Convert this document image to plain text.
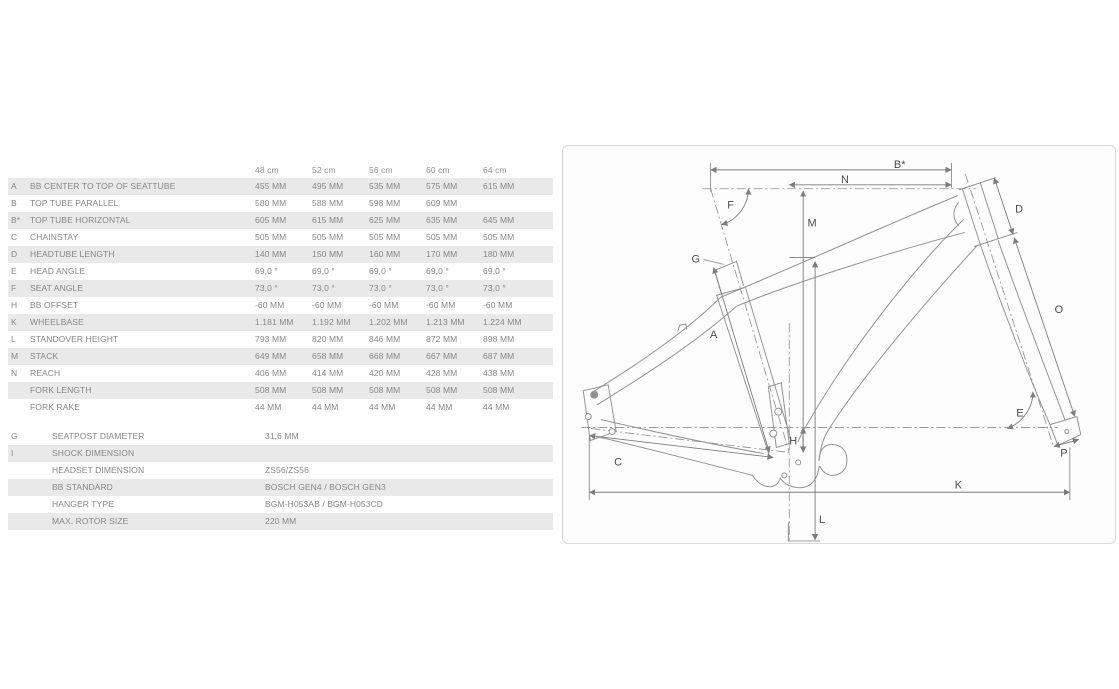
48 cm	52 cm	56 cm	60 cm	64 cm
A	BB CENTER TO TOP OF SEATTUBE	455 MM	495 MM	535 MM	575 MM	615 MM
B	TOP TUBE PARALLEL	580 MM	588 MM	598 MM	609 MM
B*	TOP TUBE HORIZONTAL	605 MM	615 MM	625 MM	635 MM	645 MM
C	CHAINSTAY	505 MM	505 MM	505 MM	505 MM	505 MM
D	HEADTUBE LENGTH	140 MM	150 MM	160 MM	170 MM	180 MM
E	HEAD ANGLE	69,0 °	69,0 °	69,0 °	69,0 °	69,0 °
F	SEAT ANGLE	73,0 °	73,0 °	73,0 °	73,0 °	73,0 °
H	BB OFFSET	-60 MM	-60 MM	-60 MM	-60 MM	-60 MM
K	WHEELBASE	1.181 MM	1.192 MM	1.202 MM	1.213 MM	1.224 MM
L	STANDOVER HEIGHT	793 MM	820 MM	846 MM	872 MM	898 MM
M	STACK	649 MM	658 MM	668 MM	667 MM	687 MM
N	REACH	406 MM	414 MM	420 MM	428 MM	438 MM
FORK LENGTH	508 MM	508 MM	508 MM	508 MM	508 MM
FORK RAKE	44 MM	44 MM	44 MM	44 MM	44 MM
G	SEATPOST DIAMETER	31,6 MM
I	SHOCK DIMENSION
HEADSET DIMENSION	ZS56/ZS56
BB STANDARD	BOSCH GEN4 / BOSCH GEN3
HANGER TYPE	BGM-H053AB / BGM-H053CD
MAX. ROTOR SIZE	220 MM
B*
N
F
M
G
A
D
O
E
H
C
P
K
L
